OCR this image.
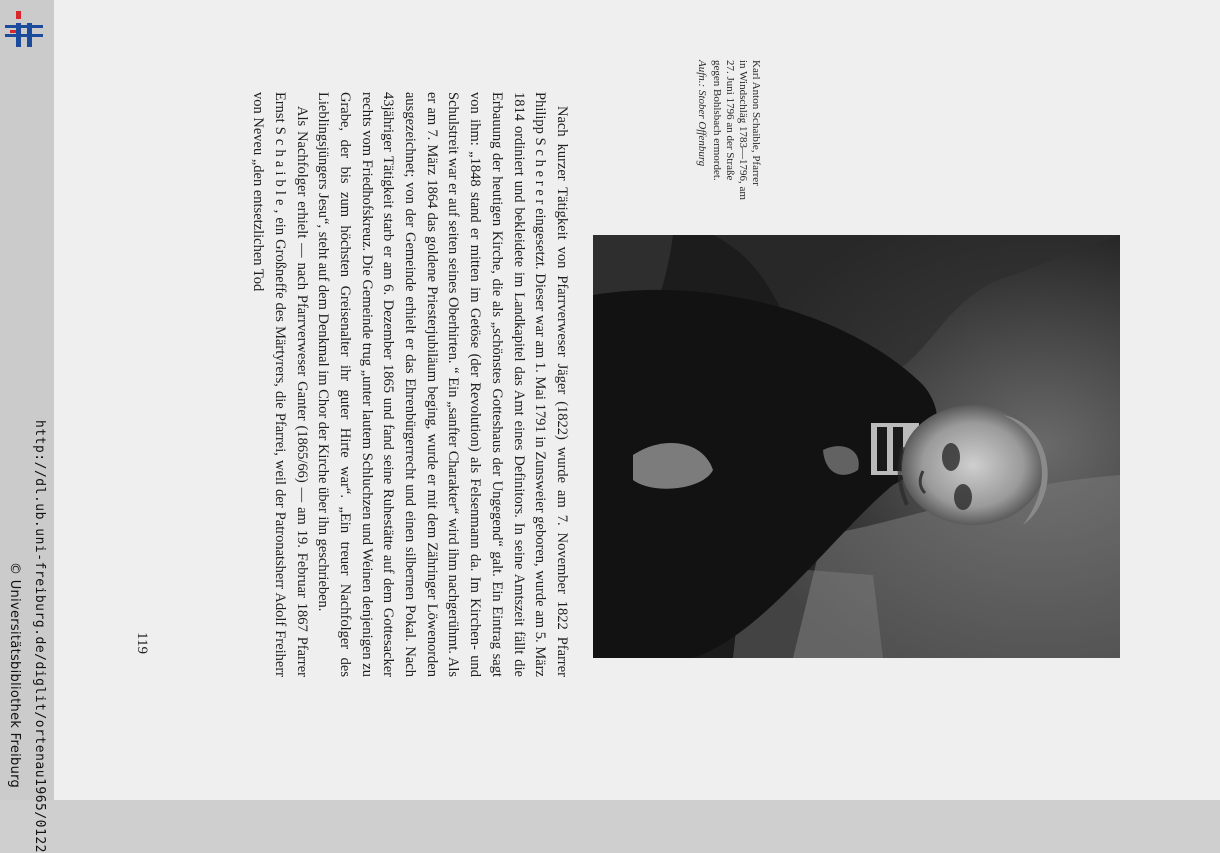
http://dl.ub.uni-freiburg.de/diglit/ortenau1965/0122
© Universitätsbibliothek Freiburg	119
Karl Anton Schaible, Pfarrer
in Windschläg 1783—1796, am
27. Juni 1796 an der Straße
gegen Bohlsbach ermordet.
Aufn.: Stober Offenburg

Nach kurzer Tätigkeit von Pfarrverweser Jäger (1822) wurde am 7. November 1822 Pfarrer Philipp S c h e r e r eingesetzt. Dieser war am 1. Mai 1791 in Zunsweier geboren, wurde am 5. März 1814 ordiniert und bekleidete im Landkapitel das Amt eines Definitors. In seine Amtszeit fällt die Erbauung der heutigen Kirche, die als „schönstes Gotteshaus der Ungegend“ galt. Ein Eintrag sagt von ihm: „1848 stand er mitten im Getöse (der Revolution) als Felsenmann da. Im Kirchen- und Schulstreit war er auf seiten seines Oberhirten. “ Ein „sanfter Charakter“ wird ihm nachgerühmt. Als er am 7. März 1864 das goldene Priesterjubiläum beging, wurde er mit dem Zähringer Löwenorden ausgezeichnet; von der Gemeinde erhielt er das Ehrenbürgerrecht und einen silbernen Pokal. Nach 43jähriger Tätigkeit starb er am 6. Dezember 1865 und fand seine Ruhestätte auf dem Gottesacker rechts vom Friedhofskreuz. Die Gemeinde trug „unter lautem Schluchzen und Weinen denjenigen zu Grabe, der bis zum höchsten Greisenalter ihr guter Hirte war“. „Ein treuer Nachfolger des Lieblingsjüngers Jesu“, steht auf dem Denkmal im Chor der Kirche über ihn geschrieben.

Als Nachfolger erhielt — nach Pfarrverweser Ganter (1865/66) — am 19. Februar 1867 Pfarrer Ernst S c h a i b l e , ein Großneffe des Märtyrers, die Pfarrei, weil der Patronatsherr Adolf Freiherr von Neveu „den entsetzlichen Tod
